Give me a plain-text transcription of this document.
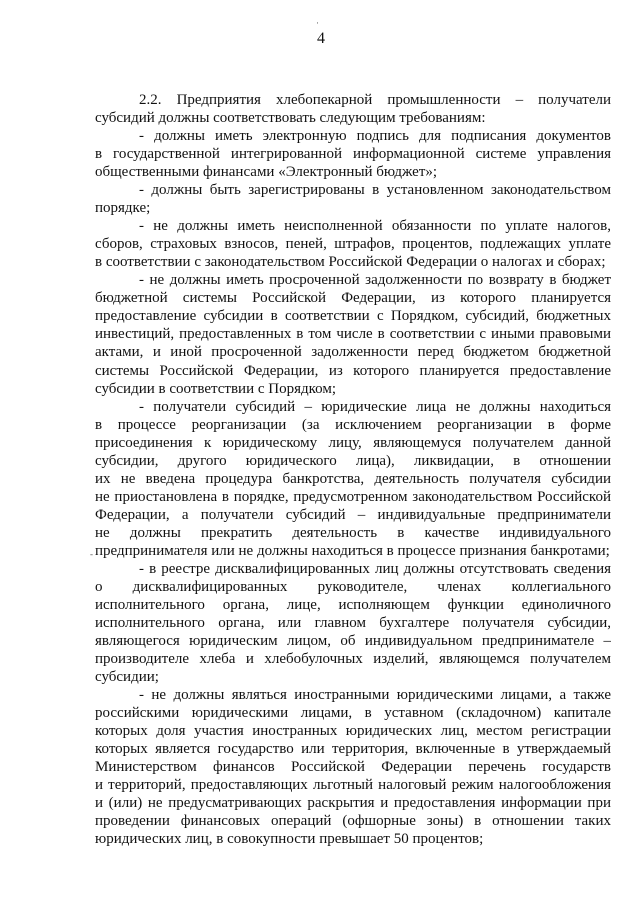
4
·
-
2.2. Предприятия хлебопекарной промышленности – получатели
субсидий должны соответствовать следующим требованиям:
- должны иметь электронную подпись для подписания документов
в государственной интегрированной информационной системе управления
общественными финансами «Электронный бюджет»;
- должны быть зарегистрированы в установленном законодательством
порядке;
- не должны иметь неисполненной обязанности по уплате налогов,
сборов, страховых взносов, пеней, штрафов, процентов, подлежащих уплате
в соответствии с законодательством Российской Федерации о налогах и сборах;
- не должны иметь просроченной задолженности по возврату в бюджет
бюджетной системы Российской Федерации, из которого планируется
предоставление субсидии в соответствии с Порядком, субсидий, бюджетных
инвестиций, предоставленных в том числе в соответствии с иными правовыми
актами, и иной просроченной задолженности перед бюджетом бюджетной
системы Российской Федерации, из которого планируется предоставление
субсидии в соответствии с Порядком;
- получатели субсидий – юридические лица не должны находиться
в процессе реорганизации (за исключением реорганизации в форме
присоединения к юридическому лицу, являющемуся получателем данной
субсидии, другого юридического лица), ликвидации, в отношении
их не введена процедура банкротства, деятельность получателя субсидии
не приостановлена в порядке, предусмотренном законодательством Российской
Федерации, а получатели субсидий – индивидуальные предприниматели
не должны прекратить деятельность в качестве индивидуального
предпринимателя или не должны находиться в процессе признания банкротами;
- в реестре дисквалифицированных лиц должны отсутствовать сведения
о дисквалифицированных руководителе, членах коллегиального
исполнительного органа, лице, исполняющем функции единоличного
исполнительного органа, или главном бухгалтере получателя субсидии,
являющегося юридическим лицом, об индивидуальном предпринимателе –
производителе хлеба и хлебобулочных изделий, являющемся получателем
субсидии;
- не должны являться иностранными юридическими лицами, а также
российскими юридическими лицами, в уставном (складочном) капитале
которых доля участия иностранных юридических лиц, местом регистрации
которых является государство или территория, включенные в утверждаемый
Министерством финансов Российской Федерации перечень государств
и территорий, предоставляющих льготный налоговый режим налогообложения
и (или) не предусматривающих раскрытия и предоставления информации при
проведении финансовых операций (офшорные зоны) в отношении таких
юридических лиц, в совокупности превышает 50 процентов;
